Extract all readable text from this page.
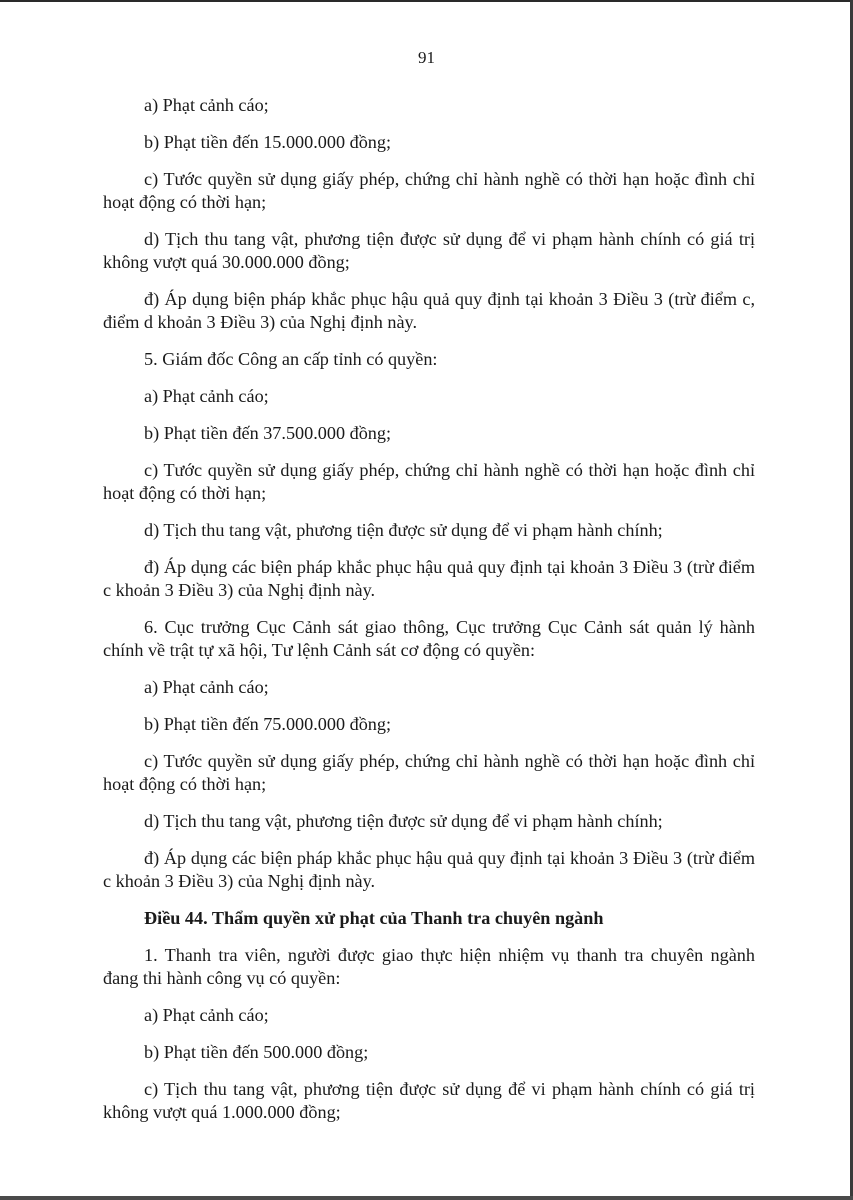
91

a) Phạt cảnh cáo;

b) Phạt tiền đến 15.000.000 đồng;

c) Tước quyền sử dụng giấy phép, chứng chỉ hành nghề có thời hạn hoặc đình chỉ hoạt động có thời hạn;

d) Tịch thu tang vật, phương tiện được sử dụng để vi phạm hành chính có giá trị không vượt quá 30.000.000 đồng;

đ) Áp dụng biện pháp khắc phục hậu quả quy định tại khoản 3 Điều 3 (trừ điểm c, điểm d khoản 3 Điều 3) của Nghị định này.

5. Giám đốc Công an cấp tỉnh có quyền:

a) Phạt cảnh cáo;

b) Phạt tiền đến 37.500.000 đồng;

c) Tước quyền sử dụng giấy phép, chứng chỉ hành nghề có thời hạn hoặc đình chỉ hoạt động có thời hạn;

d) Tịch thu tang vật, phương tiện được sử dụng để vi phạm hành chính;

đ) Áp dụng các biện pháp khắc phục hậu quả quy định tại khoản 3 Điều 3 (trừ điểm c khoản 3 Điều 3) của Nghị định này.

6. Cục trưởng Cục Cảnh sát giao thông, Cục trưởng Cục Cảnh sát quản lý hành chính về trật tự xã hội, Tư lệnh Cảnh sát cơ động có quyền:

a) Phạt cảnh cáo;

b) Phạt tiền đến 75.000.000 đồng;

c) Tước quyền sử dụng giấy phép, chứng chỉ hành nghề có thời hạn hoặc đình chỉ hoạt động có thời hạn;

d) Tịch thu tang vật, phương tiện được sử dụng để vi phạm hành chính;

đ) Áp dụng các biện pháp khắc phục hậu quả quy định tại khoản 3 Điều 3 (trừ điểm c khoản 3 Điều 3) của Nghị định này.

Điều 44. Thẩm quyền xử phạt của Thanh tra chuyên ngành

1. Thanh tra viên, người được giao thực hiện nhiệm vụ thanh tra chuyên ngành đang thi hành công vụ có quyền:

a) Phạt cảnh cáo;

b) Phạt tiền đến 500.000 đồng;

c) Tịch thu tang vật, phương tiện được sử dụng để vi phạm hành chính có giá trị không vượt quá 1.000.000 đồng;
